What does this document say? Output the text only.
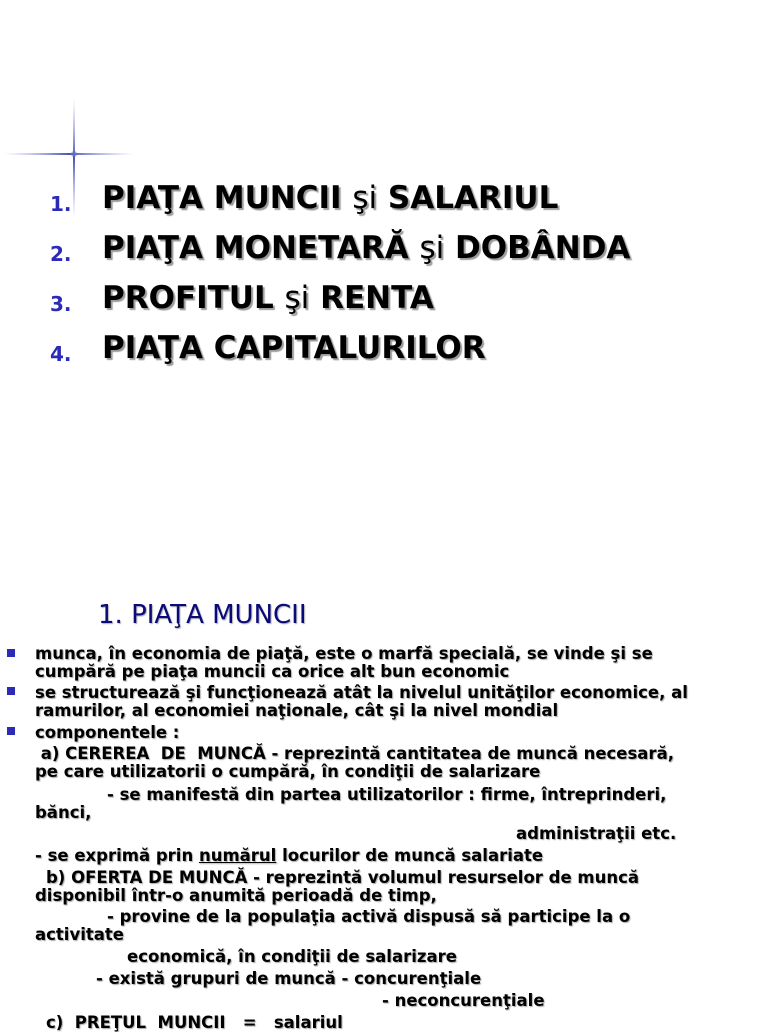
1. PIAŢA MUNCII şi SALARIUL
2. PIAŢA MONETARĂ şi DOBÂNDA
3. PROFITUL şi RENTA
4. PIAŢA CAPITALURILOR
1. PIAŢA MUNCII
munca, în economia de piaţă, este o marfă specială, se vinde şi se
cumpără pe piaţa muncii ca orice alt bun economic
se structurează şi funcţionează atât la nivelul unităţilor economice, al
ramurilor, al economiei naţionale, cât şi la nivel mondial
componentele :
a) CEREREA  DE  MUNCĂ - reprezintă cantitatea de muncă necesară,
pe care utilizatorii o cumpără, în condiţii de salarizare
- se manifestă din partea utilizatorilor : firme, întreprinderi,
bănci,
administraţii etc.
- se exprimă prin numărul locurilor de muncă salariate
b) OFERTA DE MUNCĂ - reprezintă volumul resurselor de muncă
disponibil într-o anumită perioadă de timp,
- provine de la populaţia activă dispusă să participe la o
activitate
economică, în condiţii de salarizare
- există grupuri de muncă - concurenţiale
- neconcurenţiale
c)  PREŢUL  MUNCII   =   salariul
